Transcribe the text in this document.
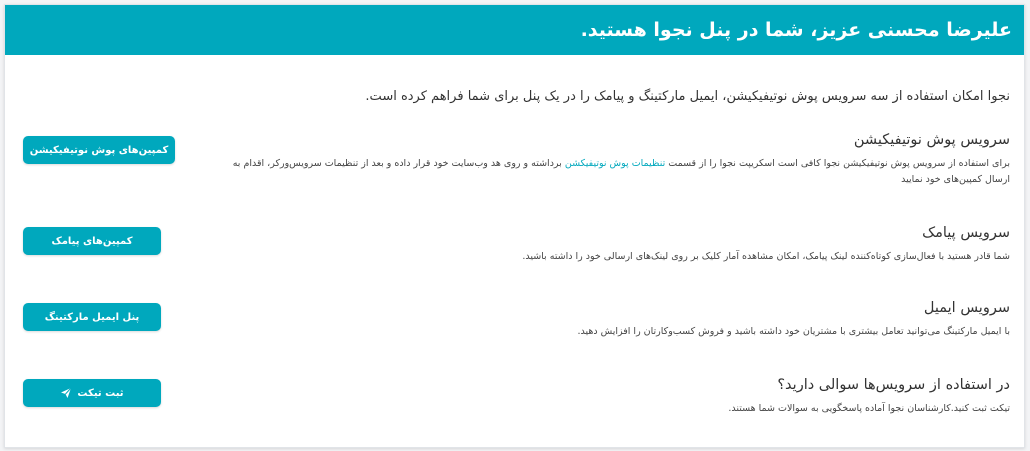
علیرضا محسنی عزیز، شما در پنل نجوا هستید.
نجوا امکان استفاده از سه سرویس پوش نوتیفیکیشن، ایمیل مارکتینگ و پیامک را در یک پنل برای شما فراهم کرده است.
سرویس پوش نوتیفیکیشن

برای استفاده از سرویس پوش نوتیفیکیشن نجوا کافی است اسکریپت نجوا را از قسمت تنظیمات پوش نوتیفیکشن برداشته و روی هد وب‌سایت خود قرار داده و بعد از تنظیمات سرویس‌ورکر، اقدام به ارسال کمپین‌های خود نمایید

کمپین‌های پوش نوتیفیکیشن
سرویس پیامک

شما قادر هستید با فعال‌سازی کوتاه‌کننده لینک پیامک، امکان مشاهده آمار کلیک بر روی لینک‌های ارسالی خود را داشته باشید.

کمپین‌های پیامک
سرویس ایمیل

با ایمیل مارکتینگ می‌توانید تعامل بیشتری با مشتریان خود داشته باشید و فروش کسب‌وکارتان را افزایش دهید.

پنل ایمیل مارکتینگ
در استفاده از سرویس‌ها سوالی دارید؟

تیکت ثبت کنید.کارشناسان نجوا آماده پاسخگویی به سوالات شما هستند.

ثبت تیکت
